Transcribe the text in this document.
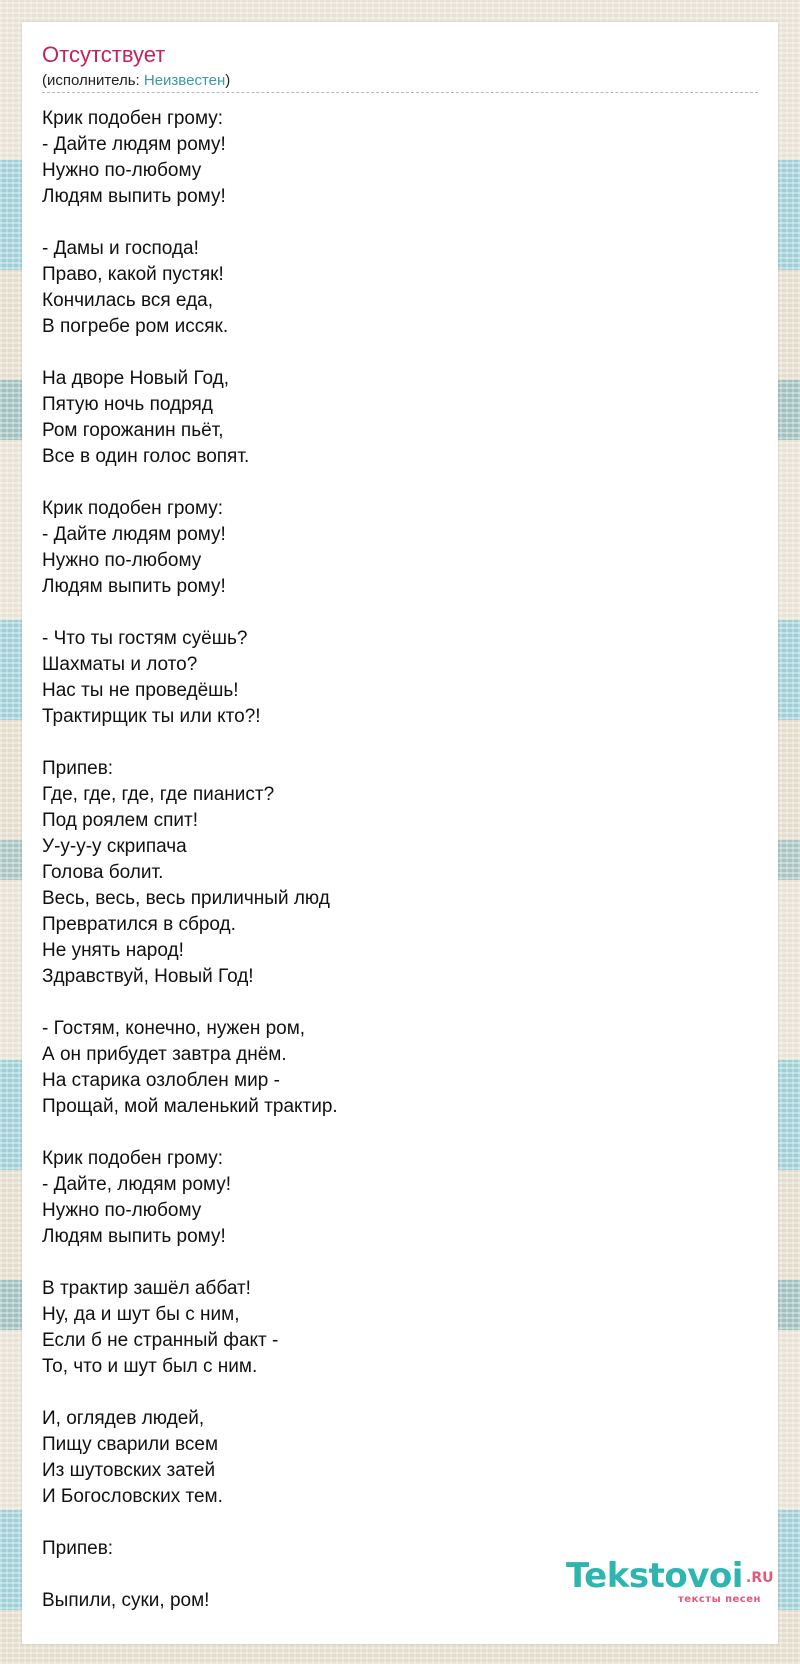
Отсутствует
(исполнитель: Неизвестен)

Крик подобен грому:
- Дайте людям рому!
Нужно по-любому
Людям выпить рому!

- Дамы и господа!
Право, какой пустяк!
Кончилась вся еда,
В погребе ром иссяк.

На дворе Новый Год,
Пятую ночь подряд
Ром горожанин пьёт,
Все в один голос вопят.

Крик подобен грому:
- Дайте людям рому!
Нужно по-любому
Людям выпить рому!

- Что ты гостям суёшь?
Шахматы и лото?
Нас ты не проведёшь!
Трактирщик ты или кто?!

Припев:
Где, где, где, где пианист?
Под роялем спит!
У-у-у-у скрипача
Голова болит.
Весь, весь, весь приличный люд
Превратился в сброд.
Не унять народ!
Здравствуй, Новый Год!

- Гостям, конечно, нужен ром,
А он прибудет завтра днём.
На старика озлоблен мир -
Прощай, мой маленький трактир.

Крик подобен грому:
- Дайте, людям рому!
Нужно по-любому
Людям выпить рому!

В трактир зашёл аббат!
Ну, да и шут бы с ним,
Если б не странный факт -
То, что и шут был с ним.

И, оглядев людей,
Пищу сварили всем
Из шутовских затей
И Богословских тем.

Припев:

Выпили, суки, ром!

Tekstovoi .RU
тексты песен
